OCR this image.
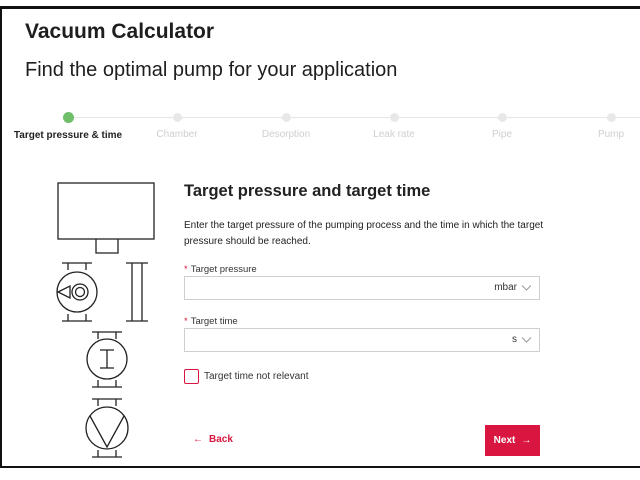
Vacuum Calculator
Find the optimal pump for your application
Target pressure & time	Chamber	Desorption	Leak rate	Pipe	Pump
Target pressure and target time

Enter the target pressure of the pumping process and the time in which the target pressure should be reached.

* Target pressure
mbar
* Target time
s
Target time not relevant
← Back	Next →
